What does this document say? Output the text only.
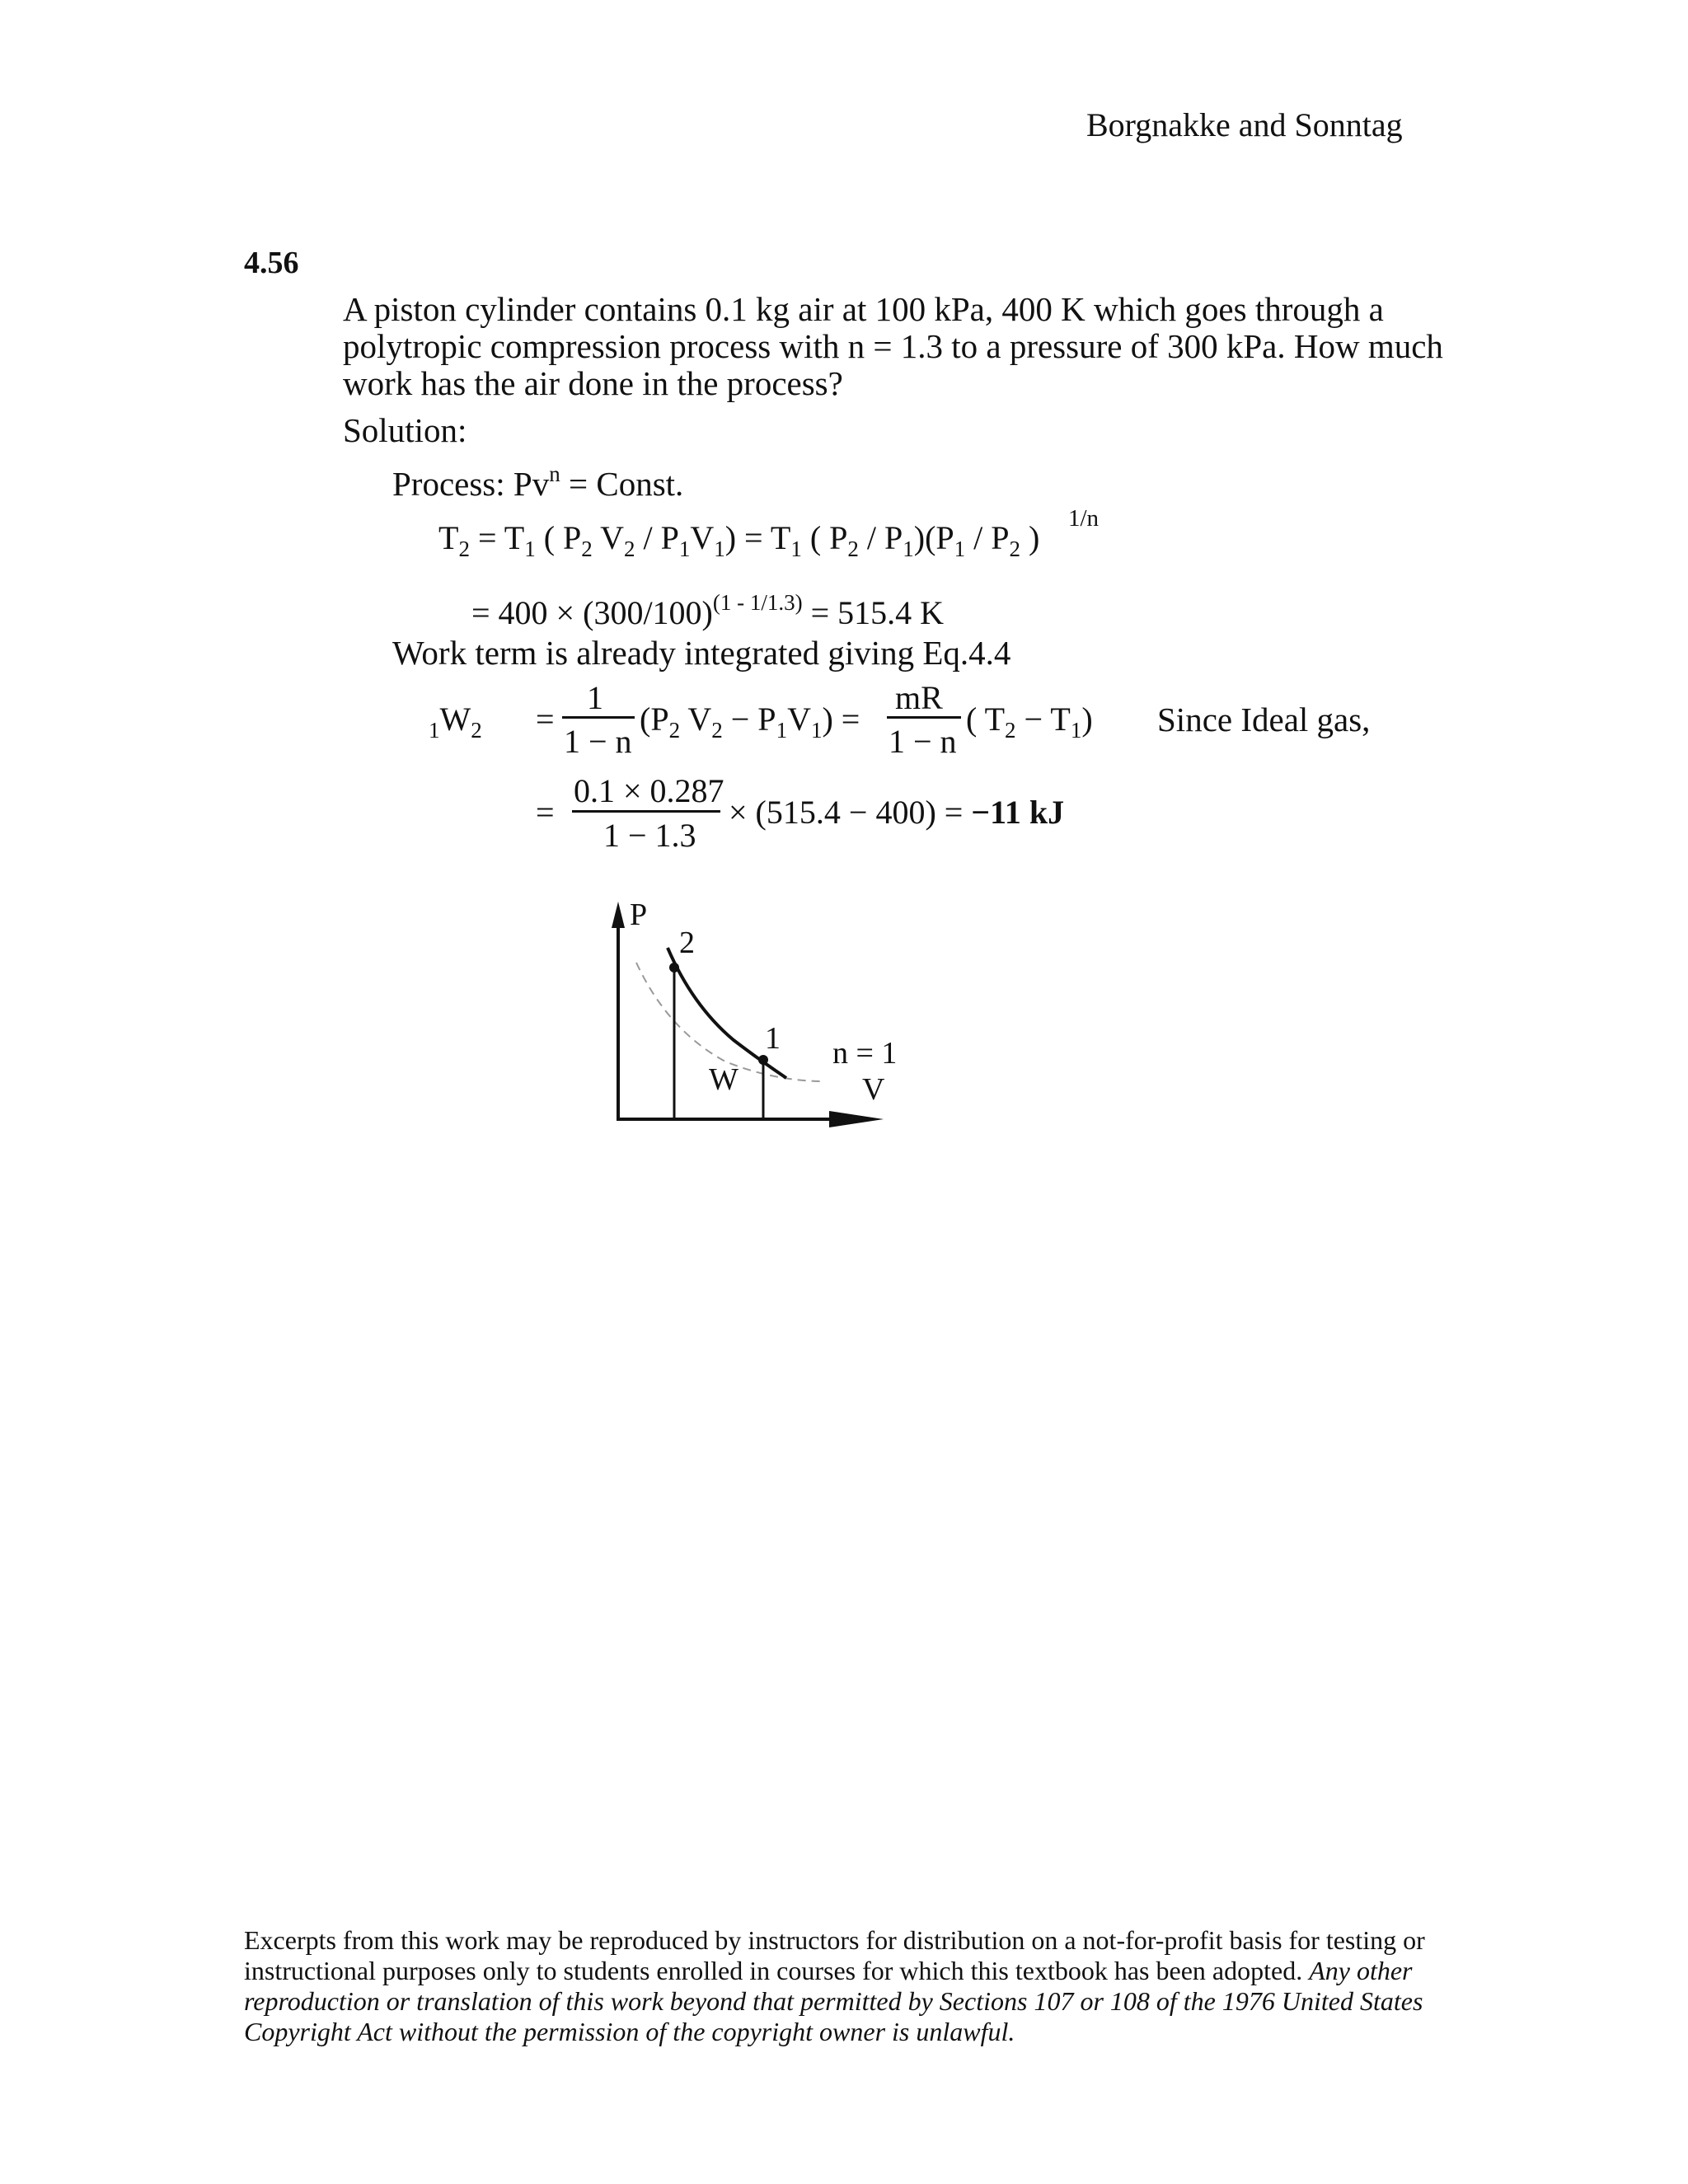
Borgnakke and Sonntag
4.56
A piston cylinder contains 0.1 kg air at 100 kPa, 400 K which goes through a
polytropic compression process with n = 1.3 to a pressure of 300 kPa. How much
work has the air done in the process?
Solution:
Process: $Pv^n$ = Const.
$T_2 = T_1$ ( $P_2$ $V_2 / P_1V_1) = T_1$ ( $P_2 / P_1)(P_1 / P_2$ )
1/n
= $400 \times (300/100)^{(1 - 1/1.3)} = 515.4$ K
Work term is already integrated giving Eq.4.4
$_1W_2$ =
1
1 − n
($P_2$ $V_2 - P_1V_1$) =
mR
1 − n
( $T_2 - T_1$) Since Ideal gas,
=
0.1 × 0.287
1 − 1.3
× (515.4 − 400) = −11 kJ
P
2
1
W
n = 1
V
Excerpts from this work may be reproduced by instructors for distribution on a not-for-profit basis for testing or instructional purposes only to students enrolled in courses for which this textbook has been adopted. Any other reproduction or translation of this work beyond that permitted by Sections 107 or 108 of the 1976 United States Copyright Act without the permission of the copyright owner is unlawful.
